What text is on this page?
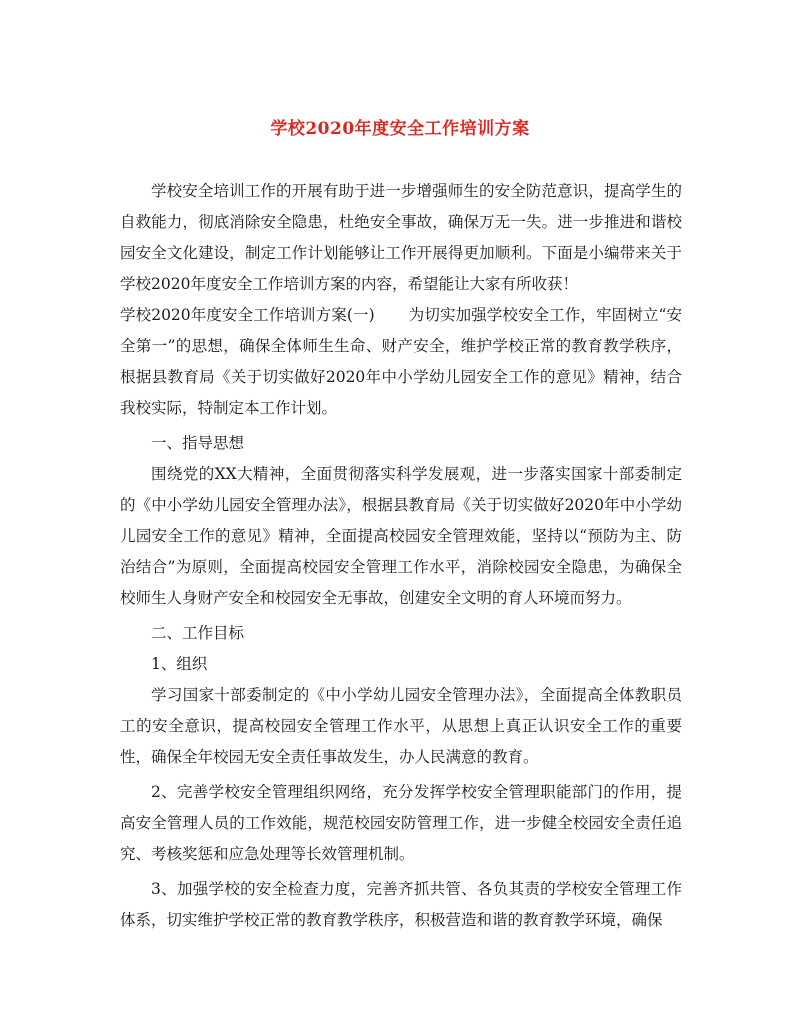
学校2020年度安全工作培训方案

学校安全培训工作的开展有助于进一步增强师生的安全防范意识，提高学生的自救能力，彻底消除安全隐患，杜绝安全事故，确保万无一失。进一步推进和谐校园安全文化建设，制定工作计划能够让工作开展得更加顺利。下面是小编带来关于学校2020年度安全工作培训方案的内容，希望能让大家有所收获！

学校2020年度安全工作培训方案(一) 为切实加强学校安全工作，牢固树立“安全第一”的思想，确保全体师生生命、财产安全，维护学校正常的教育教学秩序，根据县教育局《关于切实做好2020年中小学幼儿园安全工作的意见》精神，结合我校实际，特制定本工作计划。

一、指导思想

围绕党的XX大精神，全面贯彻落实科学发展观，进一步落实国家十部委制定的《中小学幼儿园安全管理办法》，根据县教育局《关于切实做好2020年中小学幼儿园安全工作的意见》精神，全面提高校园安全管理效能，坚持以“预防为主、防治结合”为原则，全面提高校园安全管理工作水平，消除校园安全隐患，为确保全校师生人身财产安全和校园安全无事故，创建安全文明的育人环境而努力。

二、工作目标

1、组织

学习国家十部委制定的《中小学幼儿园安全管理办法》，全面提高全体教职员工的安全意识，提高校园安全管理工作水平，从思想上真正认识安全工作的重要性，确保全年校园无安全责任事故发生，办人民满意的教育。

2、完善学校安全管理组织网络，充分发挥学校安全管理职能部门的作用，提高安全管理人员的工作效能，规范校园安防管理工作，进一步健全校园安全责任追究、考核奖惩和应急处理等长效管理机制。

3、加强学校的安全检查力度，完善齐抓共管、各负其责的学校安全管理工作体系，切实维护学校正常的教育教学秩序，积极营造和谐的教育教学环境，确保
